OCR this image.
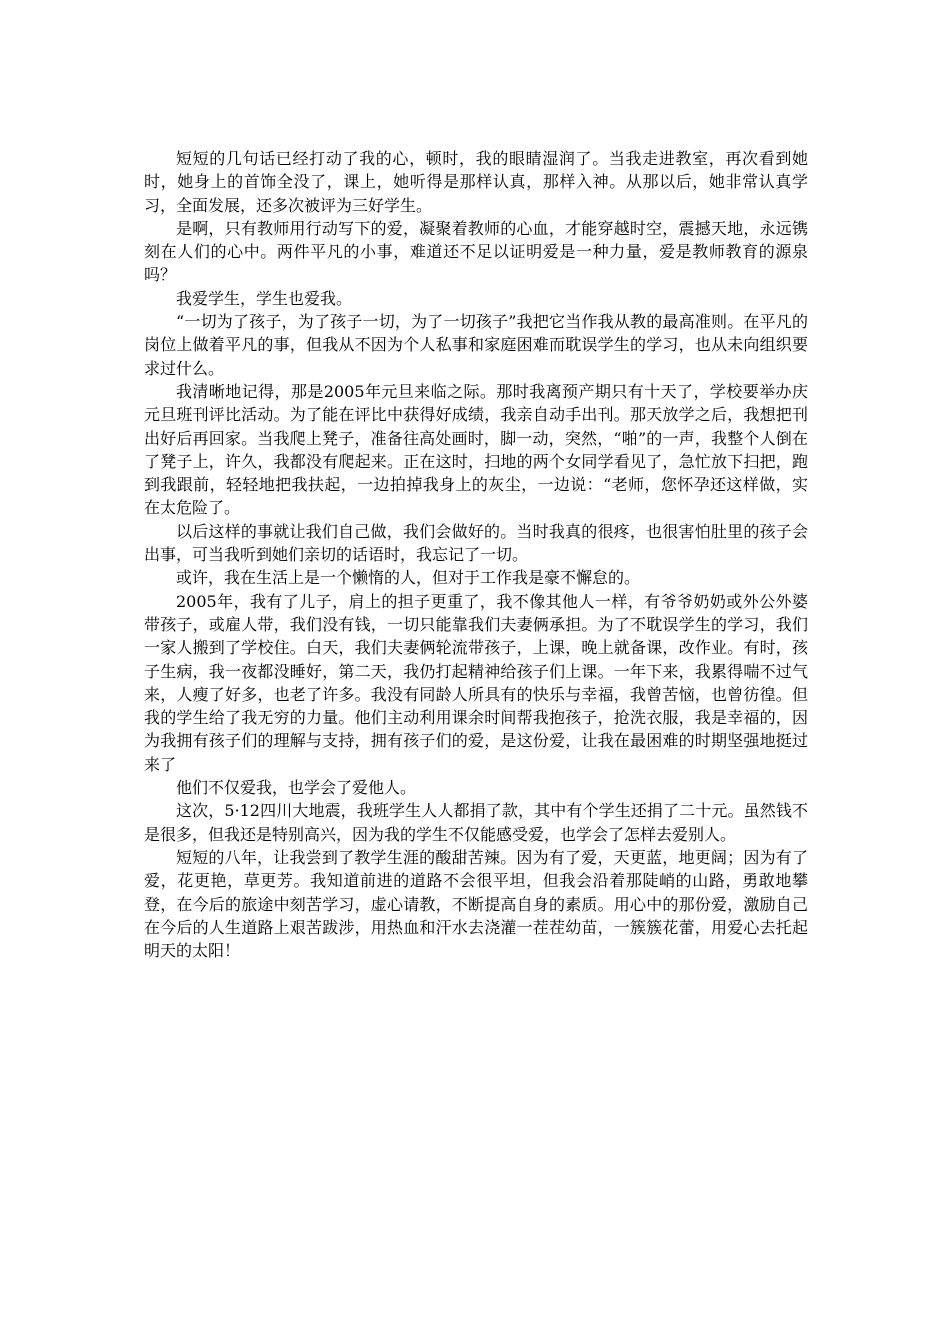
短短的几句话已经打动了我的心，顿时，我的眼睛湿润了。当我走进教室，再次看到她时，她身上的首饰全没了，课上，她听得是那样认真，那样入神。从那以后，她非常认真学习，全面发展，还多次被评为三好学生。

是啊，只有教师用行动写下的爱，凝聚着教师的心血，才能穿越时空，震撼天地，永远镌刻在人们的心中。两件平凡的小事，难道还不足以证明爱是一种力量，爱是教师教育的源泉吗？

我爱学生，学生也爱我。

“一切为了孩子，为了孩子一切，为了一切孩子”我把它当作我从教的最高准则。在平凡的岗位上做着平凡的事，但我从不因为个人私事和家庭困难而耽误学生的学习，也从未向组织要求过什么。

我清晰地记得，那是2005年元旦来临之际。那时我离预产期只有十天了，学校要举办庆元旦班刊评比活动。为了能在评比中获得好成绩，我亲自动手出刊。那天放学之后，我想把刊出好后再回家。当我爬上凳子，准备往高处画时，脚一动，突然，“啪”的一声，我整个人倒在了凳子上，许久，我都没有爬起来。正在这时，扫地的两个女同学看见了，急忙放下扫把，跑到我跟前，轻轻地把我扶起，一边拍掉我身上的灰尘，一边说：“老师，您怀孕还这样做，实在太危险了。

以后这样的事就让我们自己做，我们会做好的。当时我真的很疼，也很害怕肚里的孩子会出事，可当我听到她们亲切的话语时，我忘记了一切。

或许，我在生活上是一个懒惰的人，但对于工作我是豪不懈怠的。

2005年，我有了儿子，肩上的担子更重了，我不像其他人一样，有爷爷奶奶或外公外婆带孩子，或雇人带，我们没有钱，一切只能靠我们夫妻俩承担。为了不耽误学生的学习，我们一家人搬到了学校住。白天，我们夫妻俩轮流带孩子，上课，晚上就备课，改作业。有时，孩子生病，我一夜都没睡好，第二天，我仍打起精神给孩子们上课。一年下来，我累得喘不过气来，人瘦了好多，也老了许多。我没有同龄人所具有的快乐与幸福，我曾苦恼，也曾彷徨。但我的学生给了我无穷的力量。他们主动利用课余时间帮我抱孩子，抢洗衣服，我是幸福的，因为我拥有孩子们的理解与支持，拥有孩子们的爱，是这份爱，让我在最困难的时期坚强地挺过来了

他们不仅爱我，也学会了爱他人。

这次，5·12四川大地震，我班学生人人都捐了款，其中有个学生还捐了二十元。虽然钱不是很多，但我还是特别高兴，因为我的学生不仅能感受爱，也学会了怎样去爱别人。

短短的八年，让我尝到了教学生涯的酸甜苦辣。因为有了爱，天更蓝，地更阔；因为有了爱，花更艳，草更芳。我知道前进的道路不会很平坦，但我会沿着那陡峭的山路，勇敢地攀登，在今后的旅途中刻苦学习，虚心请教，不断提高自身的素质。用心中的那份爱，激励自己在今后的人生道路上艰苦跋涉，用热血和汗水去浇灌一茬茬幼苗，一簇簇花蕾，用爱心去托起明天的太阳！
